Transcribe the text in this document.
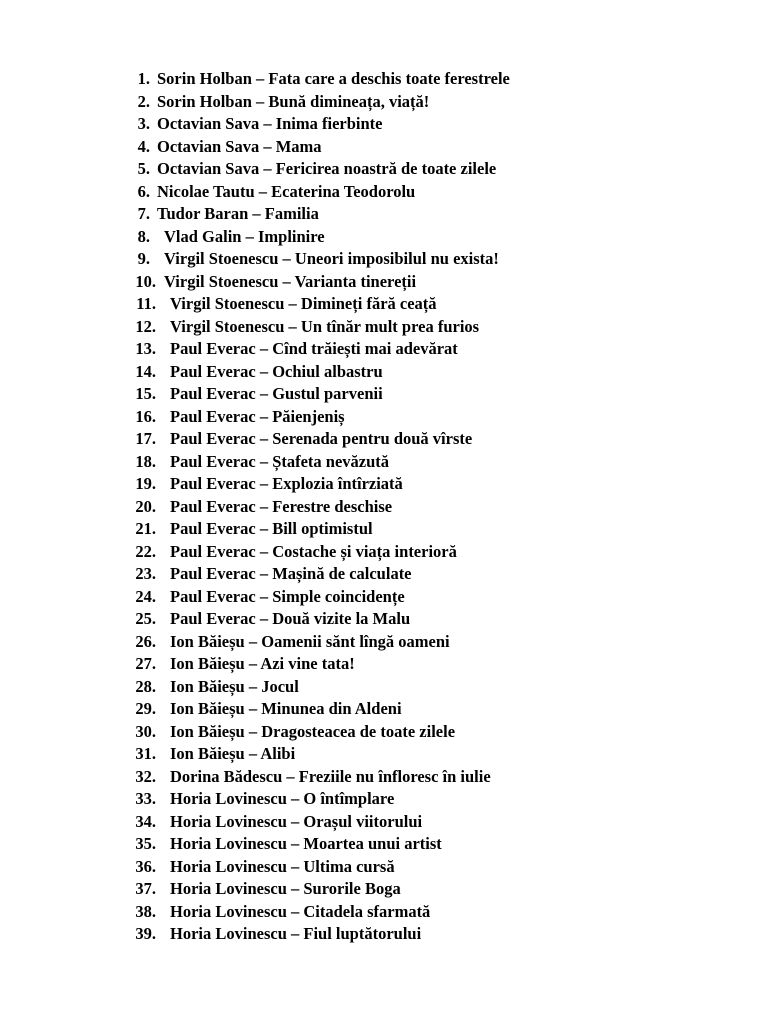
1. Sorin Holban – Fata care a deschis toate ferestrele
2. Sorin Holban – Bună dimineața, viață!
3. Octavian Sava – Inima fierbinte
4. Octavian Sava – Mama
5. Octavian Sava – Fericirea noastră de toate zilele
6. Nicolae Tautu – Ecaterina Teodorolu
7. Tudor Baran – Familia
8. Vlad Galin – Implinire
9. Virgil Stoenescu – Uneori imposibilul nu exista!
10. Virgil Stoenescu – Varianta tinereții
11. Virgil Stoenescu – Dimineți fără ceață
12. Virgil Stoenescu – Un tînăr mult prea furios
13. Paul Everac – Cînd trăiești mai adevărat
14. Paul Everac – Ochiul albastru
15. Paul Everac – Gustul parvenii
16. Paul Everac – Păienjeniș
17. Paul Everac – Serenada pentru două vîrste
18. Paul Everac – Ștafeta nevăzută
19. Paul Everac – Explozia întîrziată
20. Paul Everac – Ferestre deschise
21. Paul Everac – Bill optimistul
22. Paul Everac – Costache și viața interioră
23. Paul Everac – Mașină de calculate
24. Paul Everac – Simple coincidențe
25. Paul Everac – Două vizite la Malu
26. Ion Băieșu – Oamenii sănt lîngă oameni
27. Ion Băieșu – Azi vine tata!
28. Ion Băieșu – Jocul
29. Ion Băieșu – Minunea din Aldeni
30. Ion Băieșu – Dragosteacea de toate zilele
31. Ion Băieșu – Alibi
32. Dorina Bădescu – Freziile nu înfloresc în iulie
33. Horia Lovinescu – O întîmplare
34. Horia Lovinescu – Orașul viitorului
35. Horia Lovinescu – Moartea unui artist
36. Horia Lovinescu – Ultima cursă
37. Horia Lovinescu – Surorile Boga
38. Horia Lovinescu – Citadela sfarmată
39. Horia Lovinescu – Fiul luptătorului
